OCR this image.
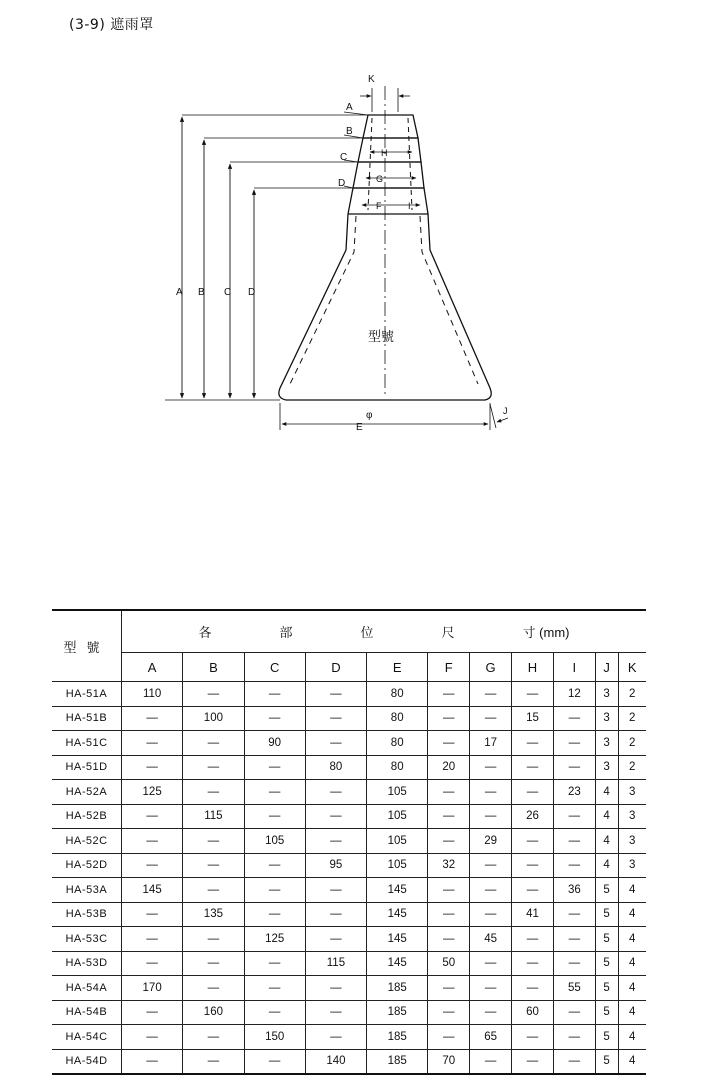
(3-9) 遮雨罩
K
A
B
C
D
H
G
F	I
A B C D
型號
φ
E
J
型號	各 部 位 尺 寸 (mm)										
	A	B	C	D	E	F	G	H	I	J	K
HA-51A	110	—	—	—	80	—	—	—	12	3	2
HA-51B	—	100	—	—	80	—	—	15	—	3	2
HA-51C	—	—	90	—	80	—	17	—	—	3	2
HA-51D	—	—	—	80	80	20	—	—	—	3	2
HA-52A	125	—	—	—	105	—	—	—	23	4	3
HA-52B	—	115	—	—	105	—	—	26	—	4	3
HA-52C	—	—	105	—	105	—	29	—	—	4	3
HA-52D	—	—	—	95	105	32	—	—	—	4	3
HA-53A	145	—	—	—	145	—	—	—	36	5	4
HA-53B	—	135	—	—	145	—	—	41	—	5	4
HA-53C	—	—	125	—	145	—	45	—	—	5	4
HA-53D	—	—	—	115	145	50	—	—	—	5	4
HA-54A	170	—	—	—	185	—	—	—	55	5	4
HA-54B	—	160	—	—	185	—	—	60	—	5	4
HA-54C	—	—	150	—	185	—	65	—	—	5	4
HA-54D	—	—	—	140	185	70	—	—	—	5	4
